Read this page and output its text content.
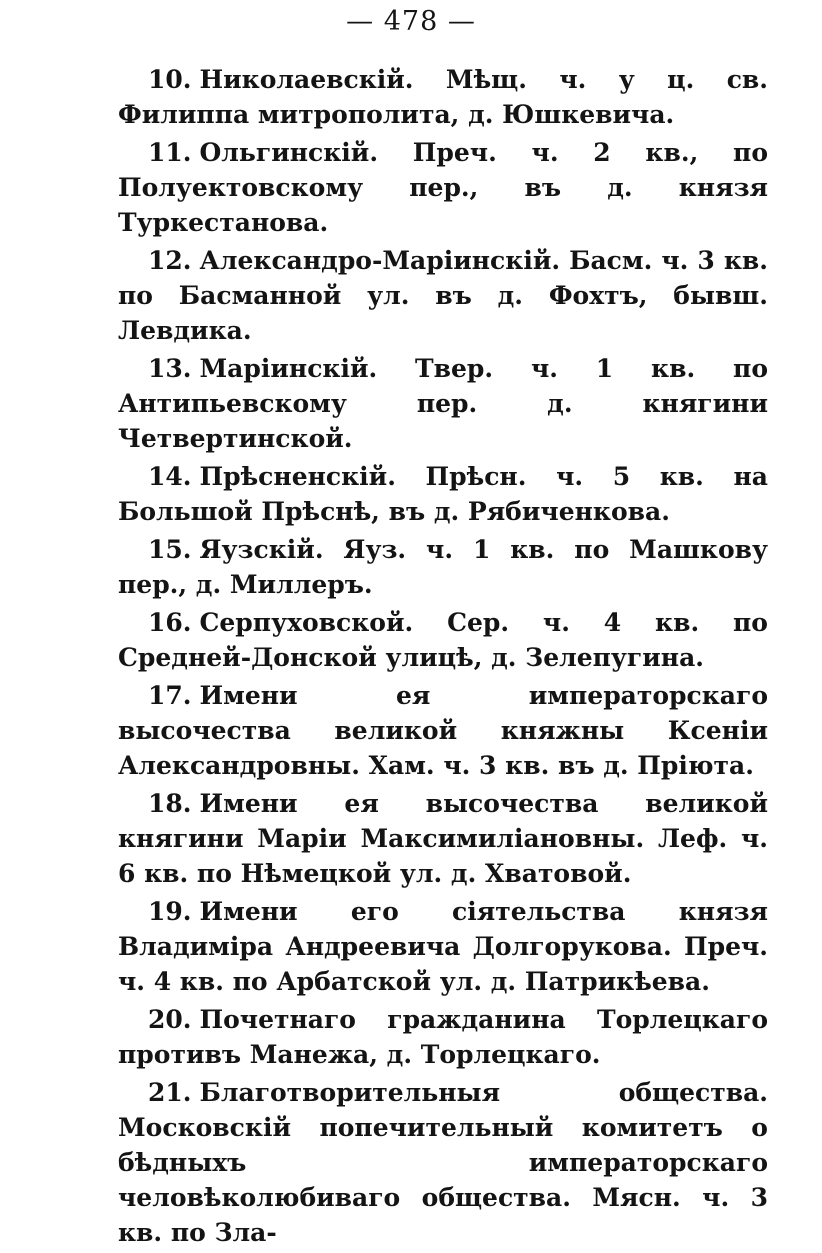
— 478 —

10. Николаевскій. Мѣщ. ч. у ц. св. Филиппа митрополита, д. Юшкевича.

11. Ольгинскій. Преч. ч. 2 кв., по Полуектовскому пер., въ д. князя Туркестанова.

12. Александро-Маріинскій. Басм. ч. 3 кв. по Басманной ул. въ д. Фохтъ, бывш. Левдика.

13. Маріинскій. Твер. ч. 1 кв. по Антипьевскому пер. д. княгини Четвертинской.

14. Прѣсненскій. Прѣсн. ч. 5 кв. на Большой Прѣснѣ, въ д. Рябиченкова.

15. Яузскій. Яуз. ч. 1 кв. по Машкову пер., д. Миллеръ.

16. Серпуховской. Сер. ч. 4 кв. по Средней-Донской улицѣ, д. Зелепугина.

17. Имени ея императорскаго высочества великой княжны Ксеніи Александровны. Хам. ч. 3 кв. въ д. Пріюта.

18. Имени ея высочества великой княгини Маріи Максимиліановны. Леф. ч. 6 кв. по Нѣмецкой ул. д. Хватовой.

19. Имени его сіятельства князя Владиміра Андреевича Долгорукова. Преч. ч. 4 кв. по Арбатской ул. д. Патрикѣева.

20. Почетнаго гражданина Торлецкаго противъ Манежа, д. Торлецкаго.

21. Благотворительныя общества. Московскій попечительный комитетъ о бѣдныхъ императорскаго человѣколюбиваго общества. Мясн. ч. 3 кв. по Зла-
